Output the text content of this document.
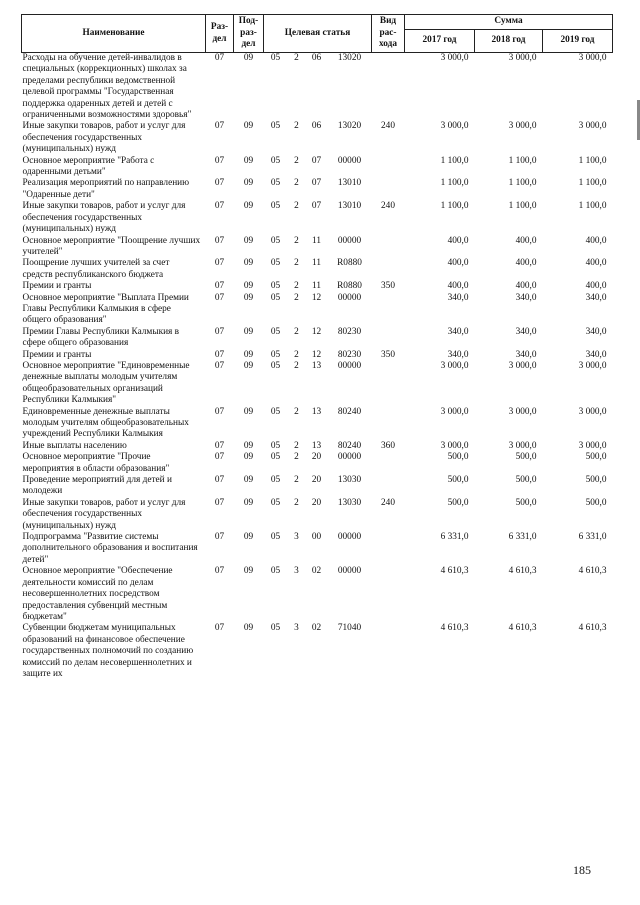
Наименование	Раз-дел	Под-раз-дел	Целевая статья				Вид рас-хода	Сумма		
								2017 год	2018 год	2019 год
Расходы на обучение детей-инвалидов в специальных (коррекционных) школах за пределами республики ведомственной целевой программы "Государственная поддержка одаренных детей и детей с ограниченными возможностями здоровья"	07	09	05	2	06	13020		3 000,0	3 000,0	3 000,0
Иные закупки товаров, работ и услуг для обеспечения государственных (муниципальных) нужд	07	09	05	2	06	13020	240	3 000,0	3 000,0	3 000,0
Основное мероприятие "Работа с одаренными детьми"	07	09	05	2	07	00000		1 100,0	1 100,0	1 100,0
Реализация мероприятий по направлению "Одаренные дети"	07	09	05	2	07	13010		1 100,0	1 100,0	1 100,0
Иные закупки товаров, работ и услуг для обеспечения государственных (муниципальных) нужд	07	09	05	2	07	13010	240	1 100,0	1 100,0	1 100,0
Основное мероприятие "Поощрение лучших учителей"	07	09	05	2	11	00000		400,0	400,0	400,0
Поощрение лучших учителей за счет средств республиканского бюджета	07	09	05	2	11	R0880		400,0	400,0	400,0
Премии и гранты	07	09	05	2	11	R0880	350	400,0	400,0	400,0
Основное мероприятие "Выплата Премии Главы Республики Калмыкия в сфере общего образования"	07	09	05	2	12	00000		340,0	340,0	340,0
Премии Главы Республики Калмыкия в сфере общего образования	07	09	05	2	12	80230		340,0	340,0	340,0
Премии и гранты	07	09	05	2	12	80230	350	340,0	340,0	340,0
Основное мероприятие "Единовременные денежные выплаты молодым учителям общеобразовательных организаций Республики Калмыкия"	07	09	05	2	13	00000		3 000,0	3 000,0	3 000,0
Единовременные денежные выплаты молодым учителям общеобразовательных учреждений Республики Калмыкия	07	09	05	2	13	80240		3 000,0	3 000,0	3 000,0
Иные выплаты населению	07	09	05	2	13	80240	360	3 000,0	3 000,0	3 000,0
Основное мероприятие "Прочие мероприятия в области образования"	07	09	05	2	20	00000		500,0	500,0	500,0
Проведение мероприятий для детей и молодежи	07	09	05	2	20	13030		500,0	500,0	500,0
Иные закупки товаров, работ и услуг для обеспечения государственных (муниципальных) нужд	07	09	05	2	20	13030	240	500,0	500,0	500,0
Подпрограмма "Развитие системы дополнительного образования и воспитания детей"	07	09	05	3	00	00000		6 331,0	6 331,0	6 331,0
Основное мероприятие "Обеспечение деятельности комиссий по делам несовершеннолетних посредством предоставления субвенций местным бюджетам"	07	09	05	3	02	00000		4 610,3	4 610,3	4 610,3
Субвенции бюджетам муниципальных образований на финансовое обеспечение государственных полномочий по созданию комиссий по делам несовершеннолетних и защите их	07	09	05	3	02	71040		4 610,3	4 610,3	4 610,3
185
